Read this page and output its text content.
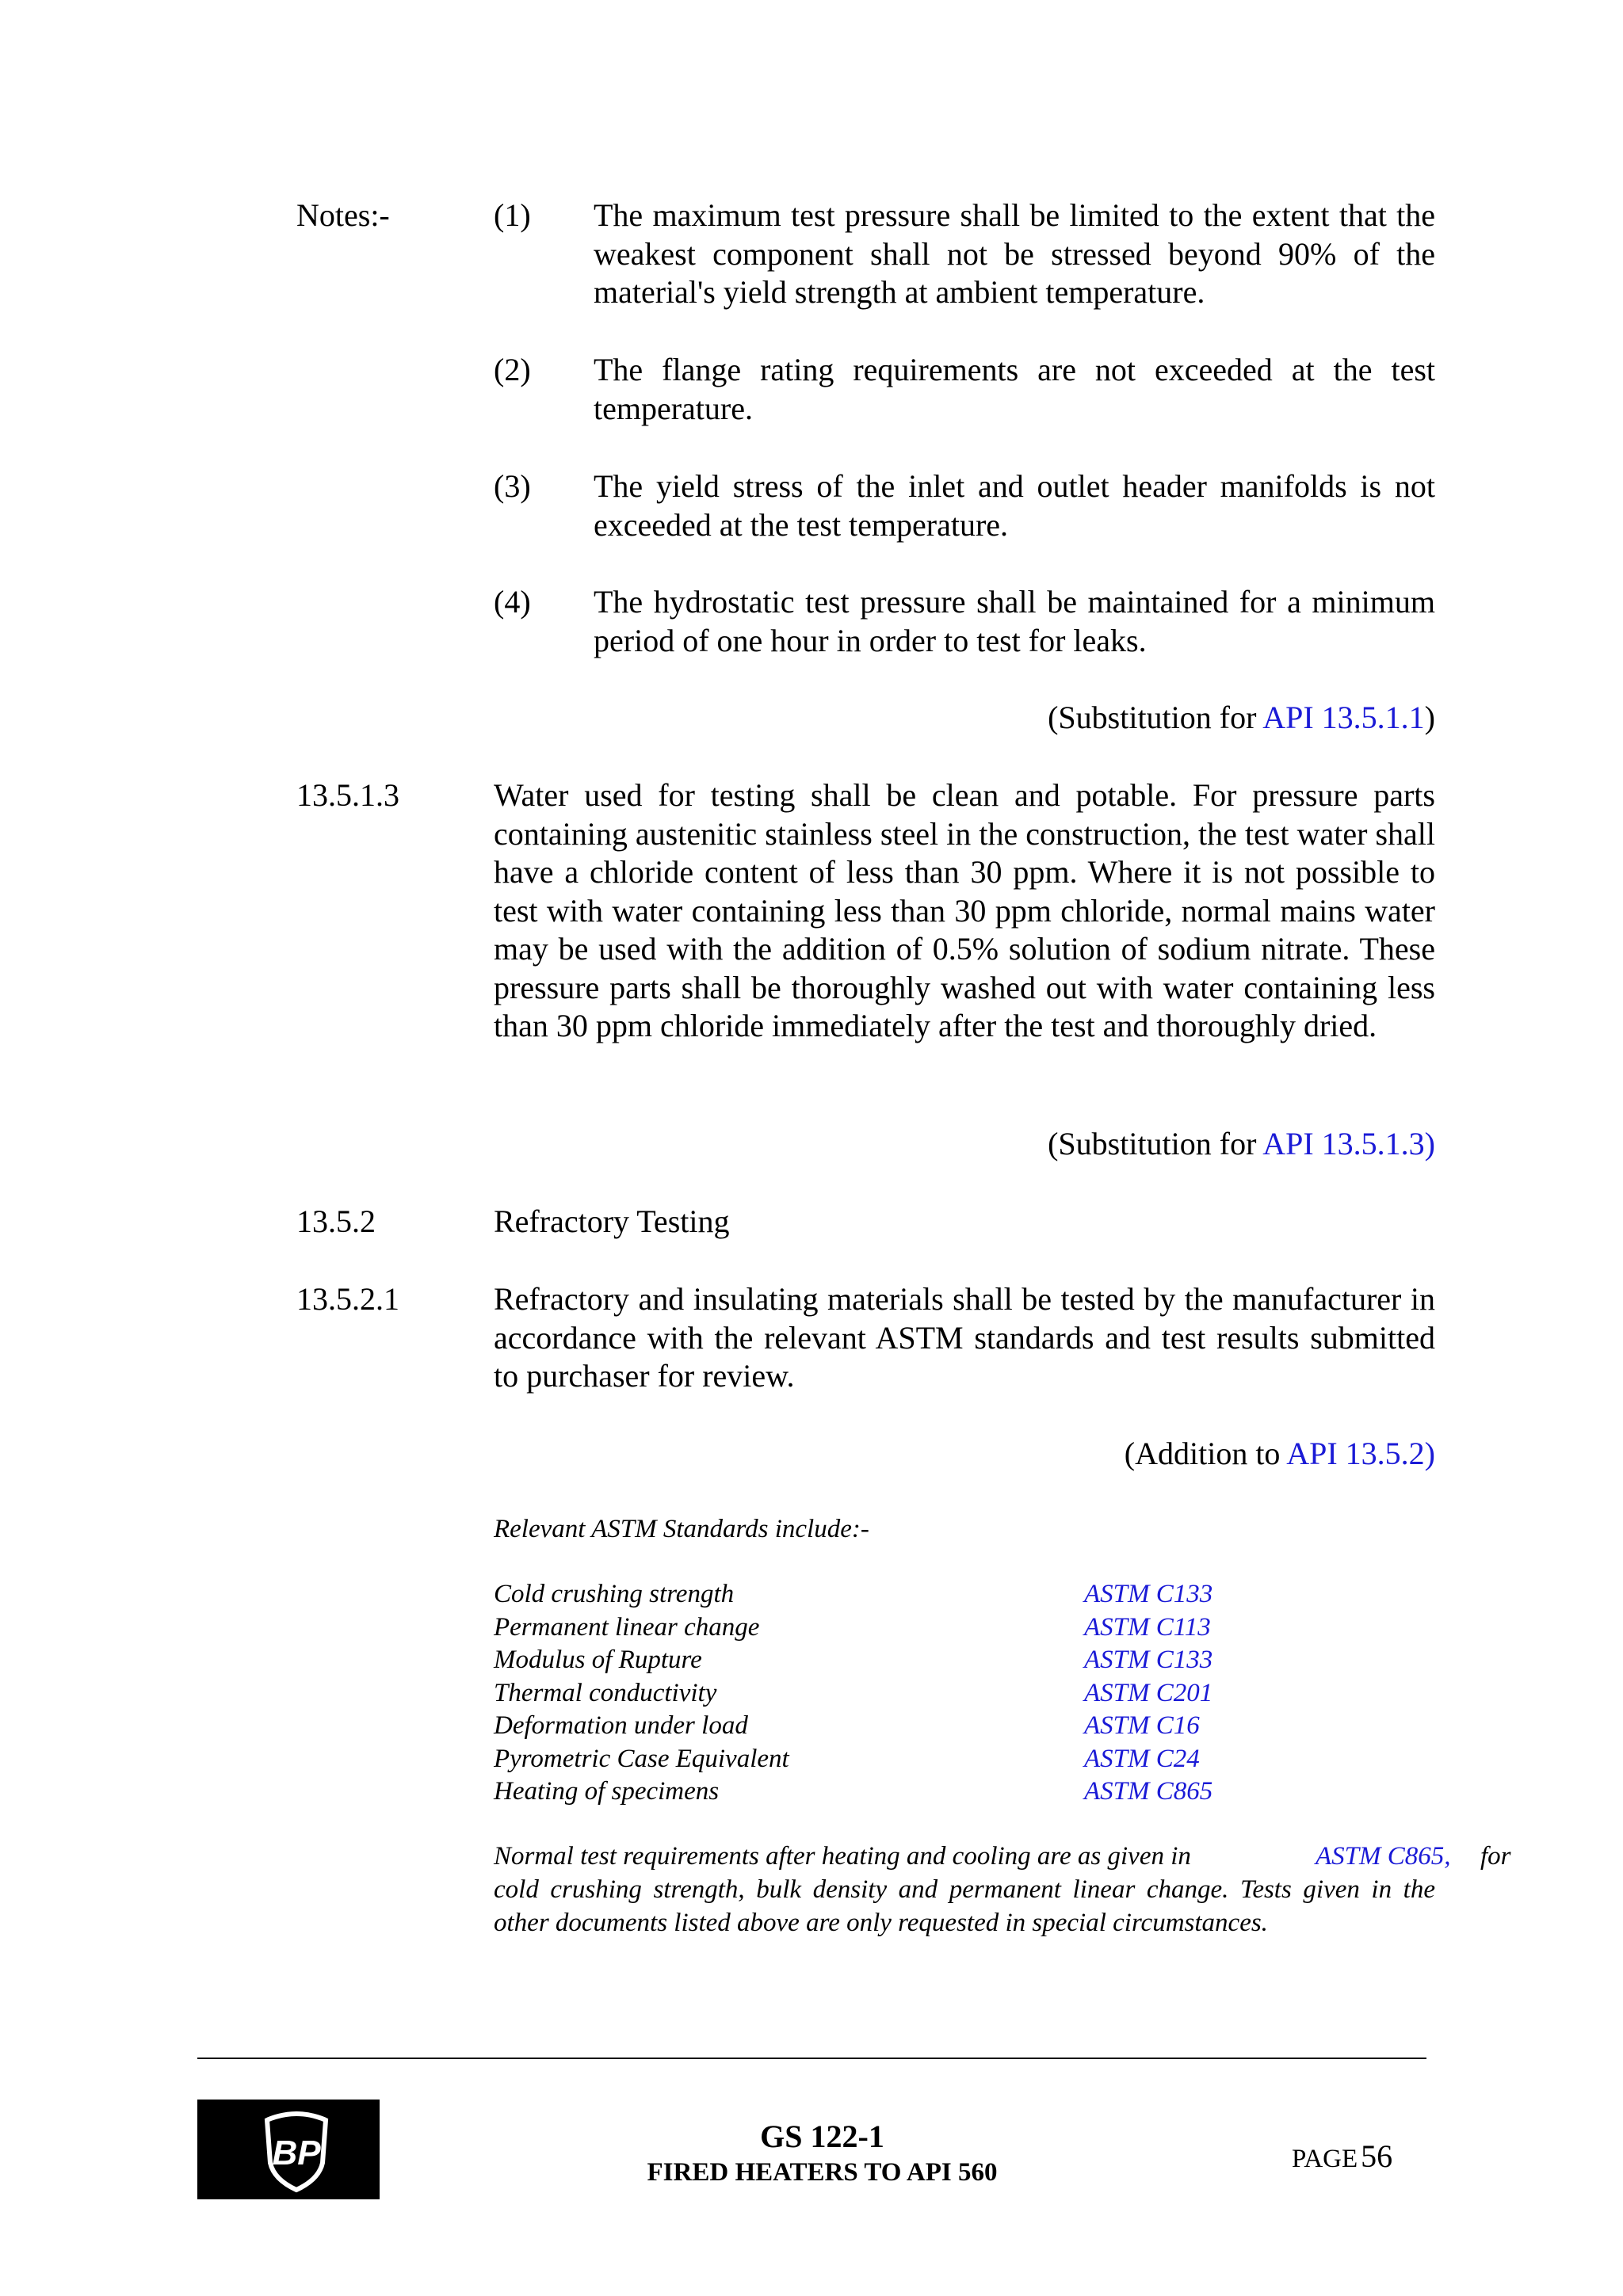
Notes:-	(1) The maximum test pressure shall be limited to the extent that the weakest component shall not be stressed beyond 90% of the material's yield strength at ambient temperature.
(2) The flange rating requirements are not exceeded at the test temperature.
(3) The yield stress of the inlet and outlet header manifolds is not exceeded at the test temperature.
(4) The hydrostatic test pressure shall be maintained for a minimum period of one hour in order to test for leaks.
(Substitution for API 13.5.1.1)
13.5.1.3	Water used for testing shall be clean and potable. For pressure parts containing austenitic stainless steel in the construction, the test water shall have a chloride content of less than 30 ppm. Where it is not possible to test with water containing less than 30 ppm chloride, normal mains water may be used with the addition of 0.5% solution of sodium nitrate. These pressure parts shall be thoroughly washed out with water containing less than 30 ppm chloride immediately after the test and thoroughly dried.
(Substitution for API 13.5.1.3)
13.5.2	Refractory Testing
13.5.2.1	Refractory and insulating materials shall be tested by the manufacturer in accordance with the relevant ASTM standards and test results submitted to purchaser for review.
(Addition to API 13.5.2)
Relevant ASTM Standards include:-
Cold crushing strength	ASTM C133
Permanent linear change	ASTM C113
Modulus of Rupture	ASTM C133
Thermal conductivity	ASTM C201
Deformation under load	ASTM C16
Pyrometric Case Equivalent	ASTM C24
Heating of specimens	ASTM C865
Normal test requirements after heating and cooling are as given in	ASTM C865, for
cold crushing strength, bulk density and permanent linear change. Tests given in the other documents listed above are only requested in special circumstances.
BP	GS 122-1
FIRED HEATERS TO API 560	PAGE 56
